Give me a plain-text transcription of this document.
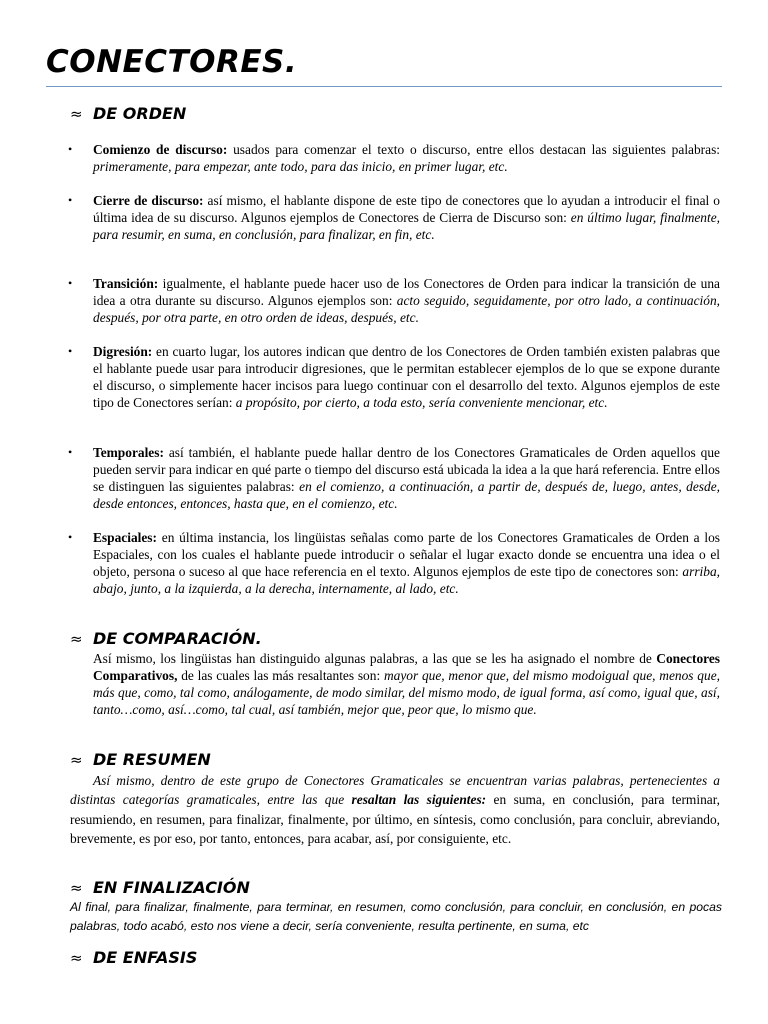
CONECTORES.
≈ DE ORDEN
• Comienzo de discurso: usados para comenzar el texto o discurso, entre ellos destacan las siguientes palabras: primeramente, para empezar, ante todo, para das inicio, en primer lugar, etc.
• Cierre de discurso: así mismo, el hablante dispone de este tipo de conectores que lo ayudan a introducir el final o última idea de su discurso. Algunos ejemplos de Conectores de Cierra de Discurso son: en último lugar, finalmente, para resumir, en suma, en conclusión, para finalizar, en fin, etc.
• Transición: igualmente, el hablante puede hacer uso de los Conectores de Orden para indicar la transición de una idea a otra durante su discurso. Algunos ejemplos son: acto seguido, seguidamente, por otro lado, a continuación, después, por otra parte, en otro orden de ideas, después, etc.
• Digresión: en cuarto lugar, los autores indican que dentro de los Conectores de Orden también existen palabras que el hablante puede usar para introducir digresiones, que le permitan establecer ejemplos de lo que se expone durante el discurso, o simplemente hacer incisos para luego continuar con el desarrollo del texto. Algunos ejemplos de este tipo de Conectores serían: a propósito, por cierto, a toda esto, sería conveniente mencionar, etc.
• Temporales: así también, el hablante puede hallar dentro de los Conectores Gramaticales de Orden aquellos que pueden servir para indicar en qué parte o tiempo del discurso está ubicada la idea a la que hará referencia. Entre ellos se distinguen las siguientes palabras: en el comienzo, a continuación, a partir de, después de, luego, antes, desde, desde entonces, entonces, hasta que, en el comienzo, etc.
• Espaciales: en última instancia, los lingüistas señalas como parte de los Conectores Gramaticales de Orden a los Espaciales, con los cuales el hablante puede introducir o señalar el lugar exacto donde se encuentra una idea o el objeto, persona o suceso al que hace referencia en el texto. Algunos ejemplos de este tipo de conectores son: arriba, abajo, junto, a la izquierda, a la derecha, internamente, al lado, etc.
≈ DE COMPARACIÓN.
Así mismo, los lingüistas han distinguido algunas palabras, a las que se les ha asignado el nombre de Conectores Comparativos, de las cuales las más resaltantes son: mayor que, menor que, del mismo modoigual que, menos que, más que, como, tal como, análogamente, de modo similar, del mismo modo, de igual forma, así como, igual que, así, tanto…como, así…como, tal cual, así también, mejor que, peor que, lo mismo que.
≈ DE RESUMEN
Así mismo, dentro de este grupo de Conectores Gramaticales se encuentran varias palabras, pertenecientes a distintas categorías gramaticales, entre las que resaltan las siguientes: en suma, en conclusión, para terminar, resumiendo, en resumen, para finalizar, finalmente, por último, en síntesis, como conclusión, para concluir, abreviando, brevemente, es por eso, por tanto, entonces, para acabar, así, por consiguiente, etc.
≈ EN FINALIZACIÓN
Al final, para finalizar, finalmente, para terminar, en resumen, como conclusión, para concluir, en conclusión, en pocas palabras, todo acabó, esto nos viene a decir, sería conveniente, resulta pertinente, en suma, etc
≈ DE ENFASIS
